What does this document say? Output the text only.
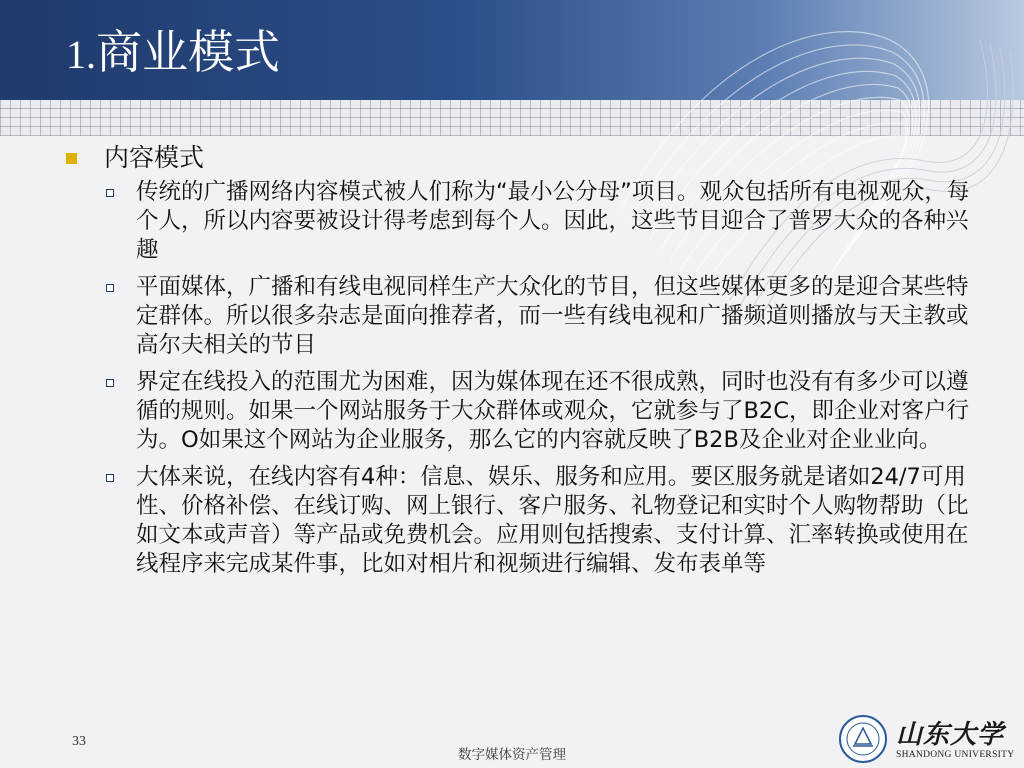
1.商业模式
内容模式
传统的广播网络内容模式被人们称为“最小公分母”项目。观众包括所有电视观众，每个人，所以内容要被设计得考虑到每个人。因此，这些节目迎合了普罗大众的各种兴趣
平面媒体，广播和有线电视同样生产大众化的节目，但这些媒体更多的是迎合某些特定群体。所以很多杂志是面向推荐者，而一些有线电视和广播频道则播放与天主教或高尔夫相关的节目
界定在线投入的范围尤为困难，因为媒体现在还不很成熟，同时也没有有多少可以遵循的规则。如果一个网站服务于大众群体或观众，它就参与了B2C，即企业对客户行为。O如果这个网站为企业服务，那么它的内容就反映了B2B及企业对企业业向。
大体来说，在线内容有4种：信息、娱乐、服务和应用。要区服务就是诸如24/7可用性、价格补偿、在线订购、网上银行、客户服务、礼物登记和实时个人购物帮助（比如文本或声音）等产品或免费机会。应用则包括搜索、支付计算、汇率转换或使用在线程序来完成某件事，比如对相片和视频进行编辑、发布表单等
33
数字媒体资产管理
山东大学
SHANDONG UNIVERSITY
